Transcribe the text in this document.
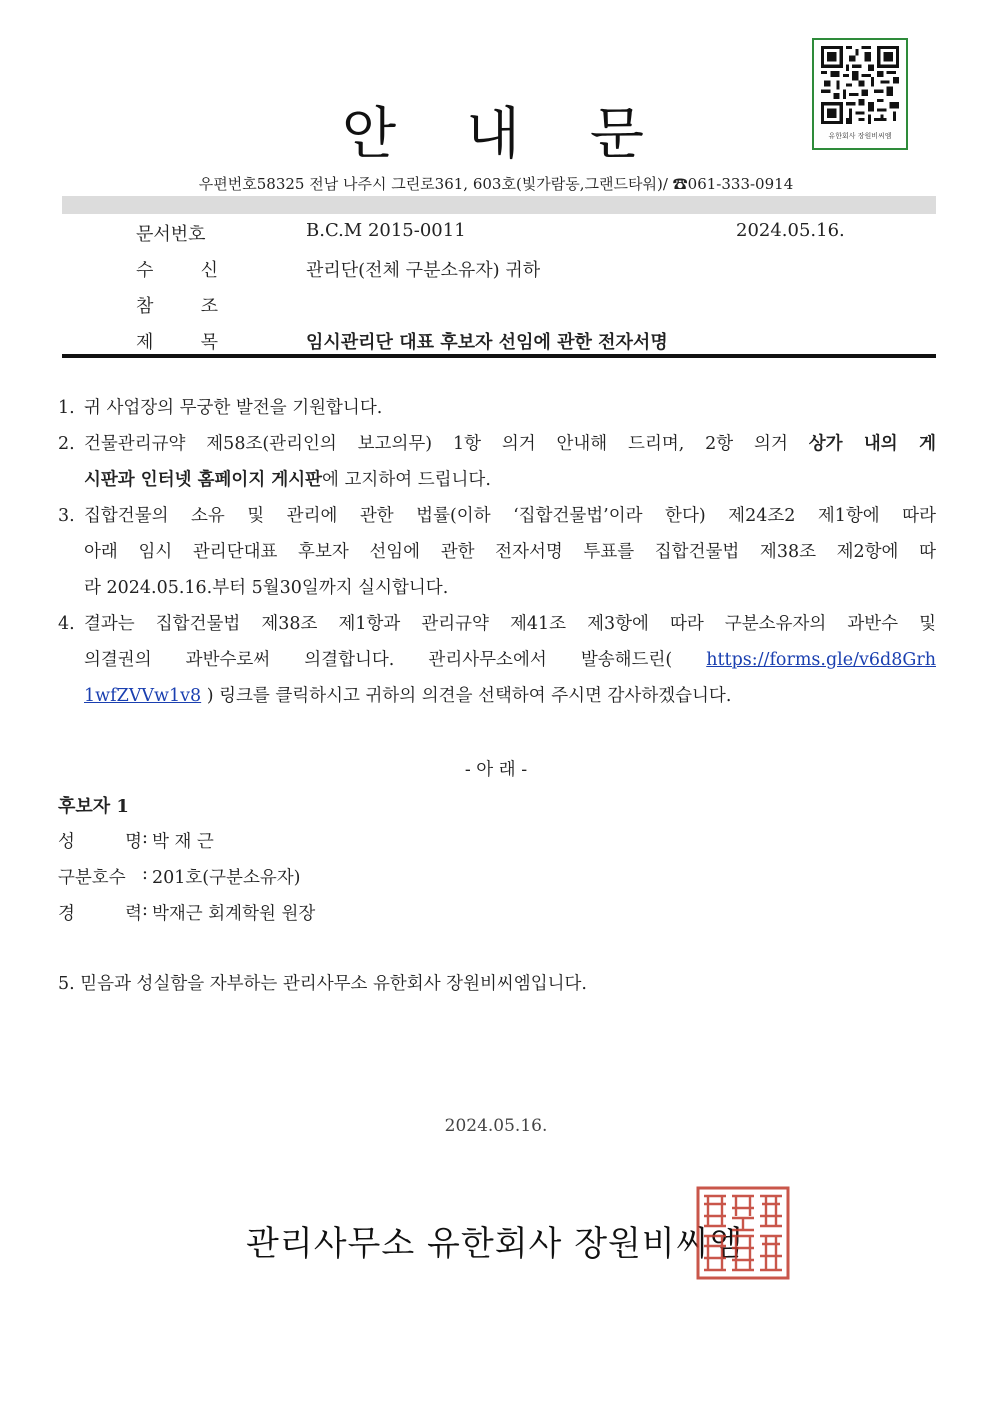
유한회사 장원비씨엠
안 내 문
우편번호58325 전남 나주시 그린로361, 603호(빛가람동,그랜드타워)/ ☎061-333-0914
문서번호	B.C.M 2015-0011	2024.05.16.
수	신	관리단(전체 구분소유자) 귀하
참	조
제	목	임시관리단 대표 후보자 선임에 관한 전자서명
1. 귀 사업장의 무궁한 발전을 기원합니다.
2. 건물관리규약 제58조(관리인의 보고의무) 1항 의거 안내해 드리며, 2항 의거 상가 내의 게
시판과 인터넷 홈페이지 게시판에 고지하여 드립니다.
3. 집합건물의 소유 및 관리에 관한 법률(이하 ‘집합건물법’이라 한다) 제24조2 제1항에 따라
아래 임시 관리단대표 후보자 선임에 관한 전자서명 투표를 집합건물법 제38조 제2항에 따
라 2024.05.16.부터 5월30일까지 실시합니다.
4. 결과는 집합건물법 제38조 제1항과 관리규약 제41조 제3항에 따라 구분소유자의 과반수 및
의결권의 과반수로써 의결합니다. 관리사무소에서 발송해드린( https://forms.gle/v6d8Grh
1wfZVVw1v8 ) 링크를 클릭하시고 귀하의 의견을 선택하여 주시면 감사하겠습니다.
- 아 래 -
후보자 1
성	명 : 박 재 근
구분호수 : 201호(구분소유자)
경	력 : 박재근 회계학원 원장
5. 믿음과 성실함을 자부하는 관리사무소 유한회사 장원비씨엠입니다.
2024.05.16.
관리사무소 유한회사 장원비씨엠
